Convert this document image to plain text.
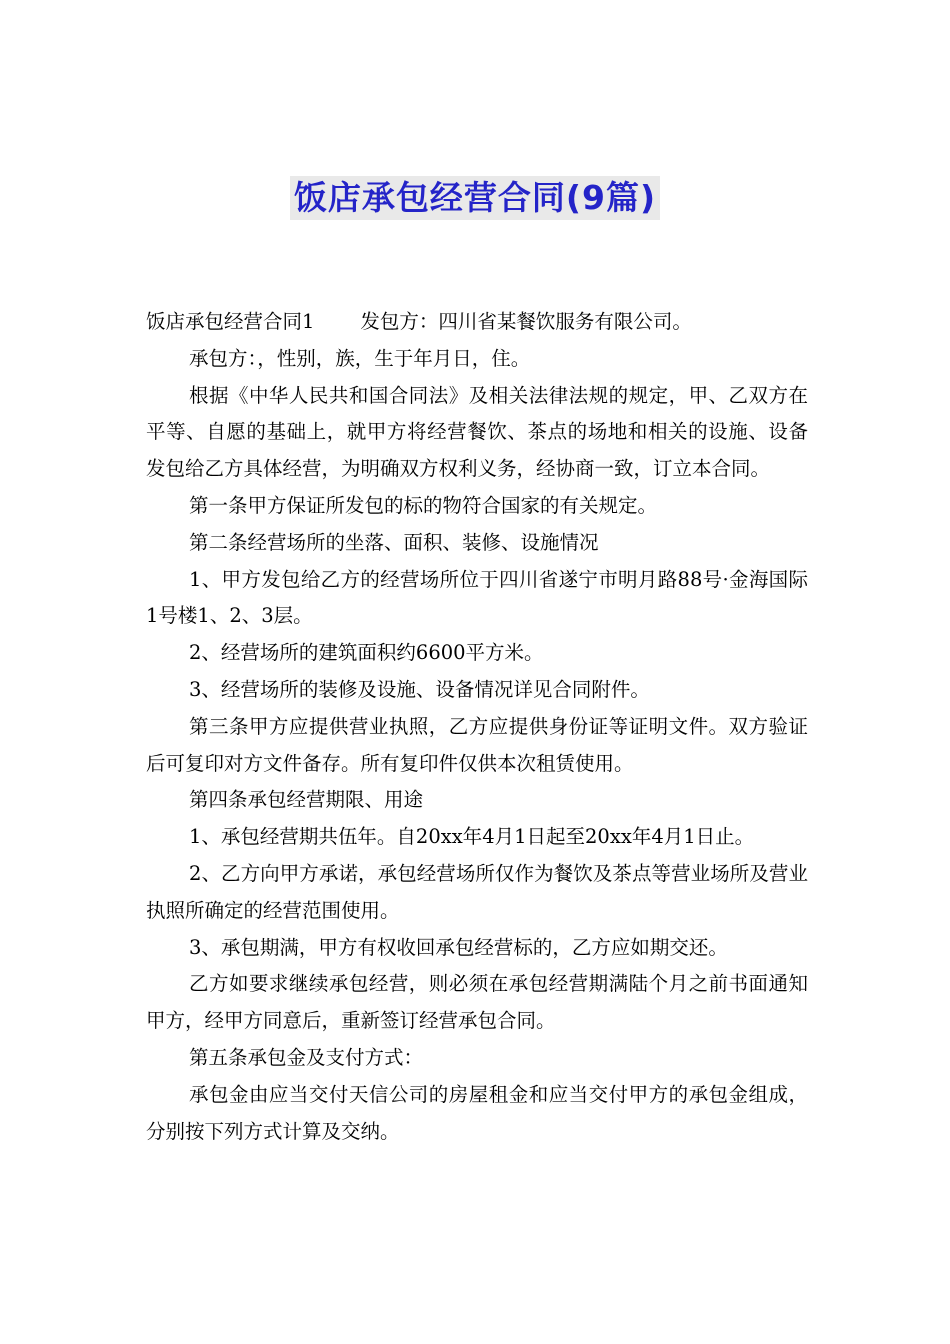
饭店承包经营合同(9篇)

饭店承包经营合同1 发包方：四川省某餐饮服务有限公司。

承包方：，性别，族，生于年月日，住。

根据《中华人民共和国合同法》及相关法律法规的规定，甲、乙双方在平等、自愿的基础上，就甲方将经营餐饮、茶点的场地和相关的设施、设备发包给乙方具体经营，为明确双方权利义务，经协商一致，订立本合同。

第一条甲方保证所发包的标的物符合国家的有关规定。

第二条经营场所的坐落、面积、装修、设施情况

1、甲方发包给乙方的经营场所位于四川省遂宁市明月路88号·金海国际1号楼1、2、3层。

2、经营场所的建筑面积约6600平方米。

3、经营场所的装修及设施、设备情况详见合同附件。

第三条甲方应提供营业执照，乙方应提供身份证等证明文件。双方验证后可复印对方文件备存。所有复印件仅供本次租赁使用。

第四条承包经营期限、用途

1、承包经营期共伍年。自20xx年4月1日起至20xx年4月1日止。

2、乙方向甲方承诺，承包经营场所仅作为餐饮及茶点等营业场所及营业执照所确定的经营范围使用。

3、承包期满，甲方有权收回承包经营标的，乙方应如期交还。

乙方如要求继续承包经营，则必须在承包经营期满陆个月之前书面通知甲方，经甲方同意后，重新签订经营承包合同。

第五条承包金及支付方式：

承包金由应当交付天信公司的房屋租金和应当交付甲方的承包金组成，分别按下列方式计算及交纳。
